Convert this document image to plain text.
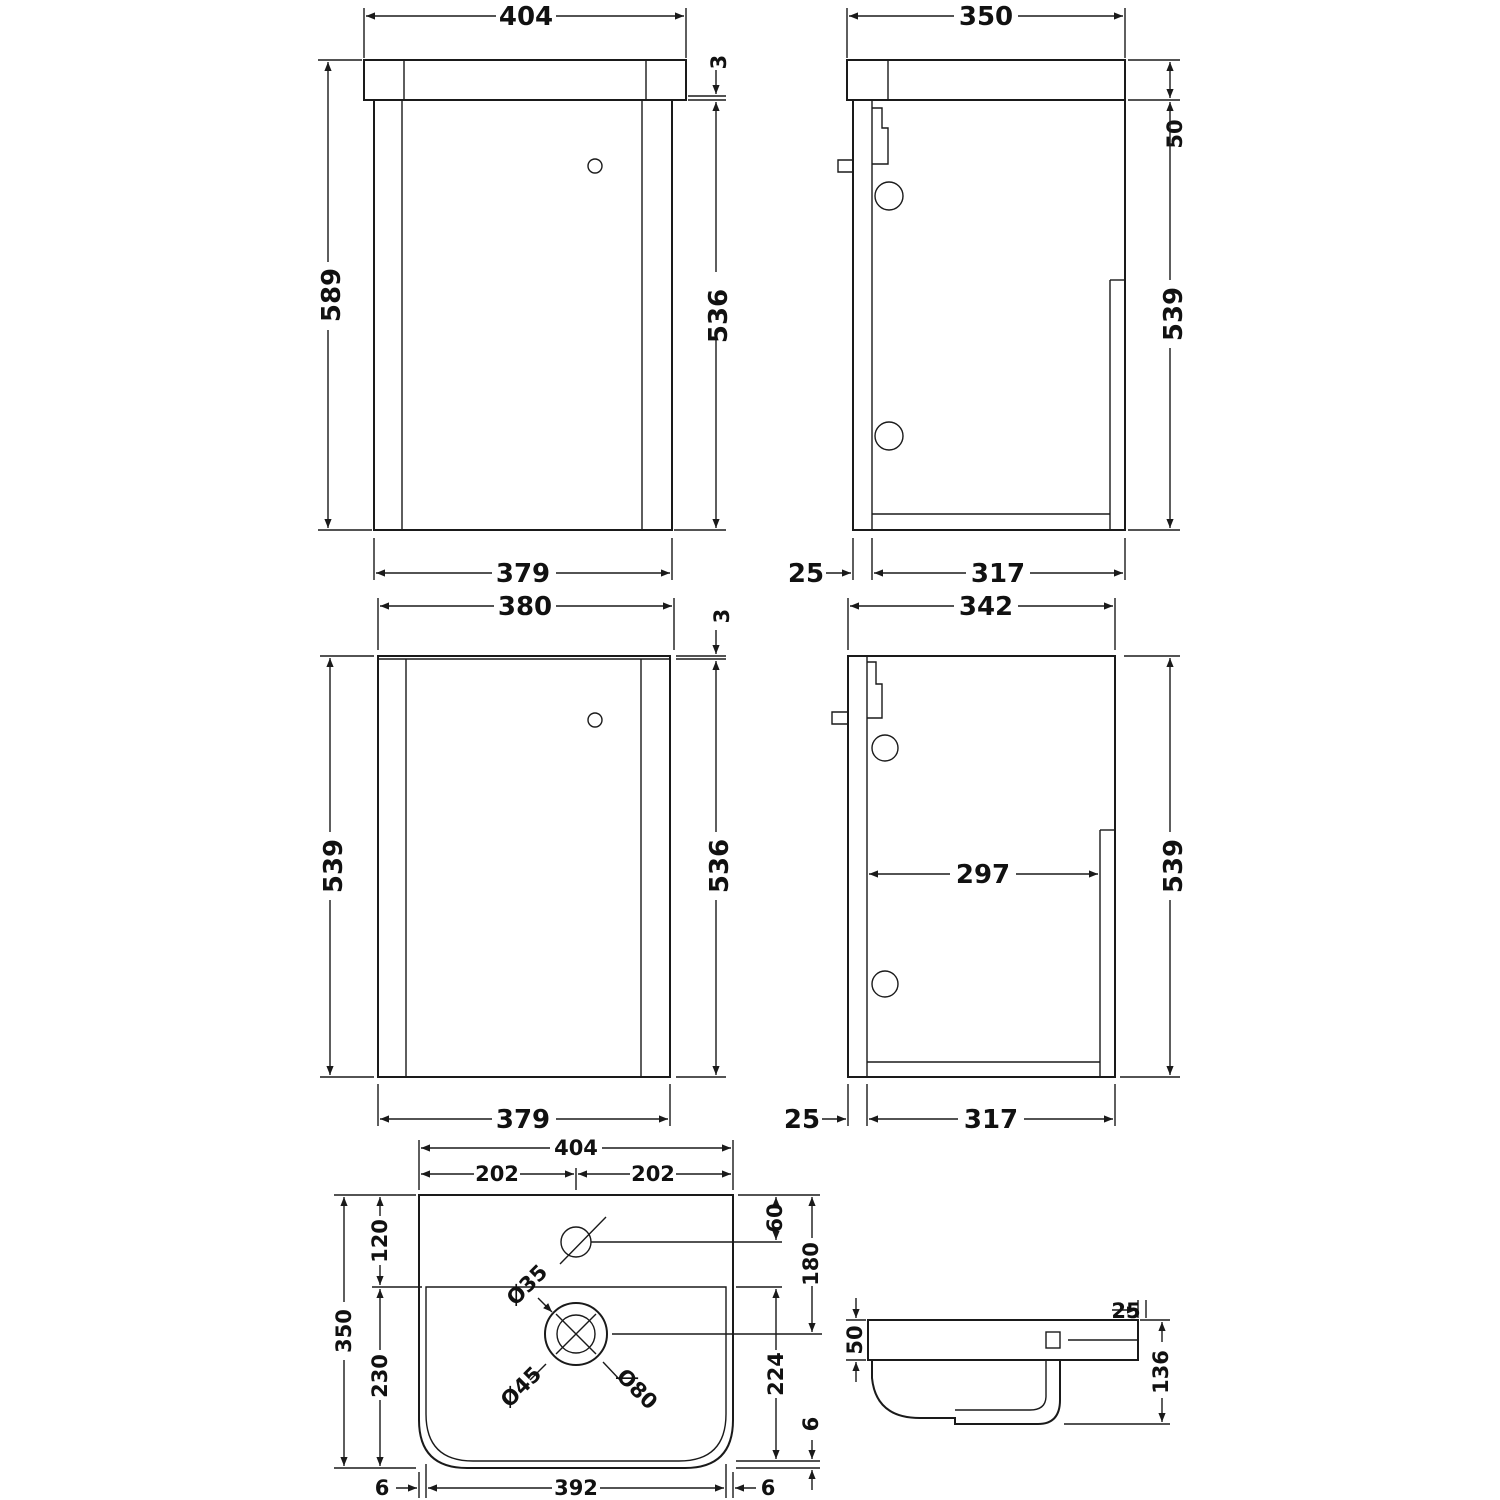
404
589	536
3
379
350
50
539
25	317
380	3
539	536
379
342
297	539
25	317
Ø35
Ø45	Ø80
404
202	202
350
120
230
60
180
224
6
6	392	6
50
25
136
